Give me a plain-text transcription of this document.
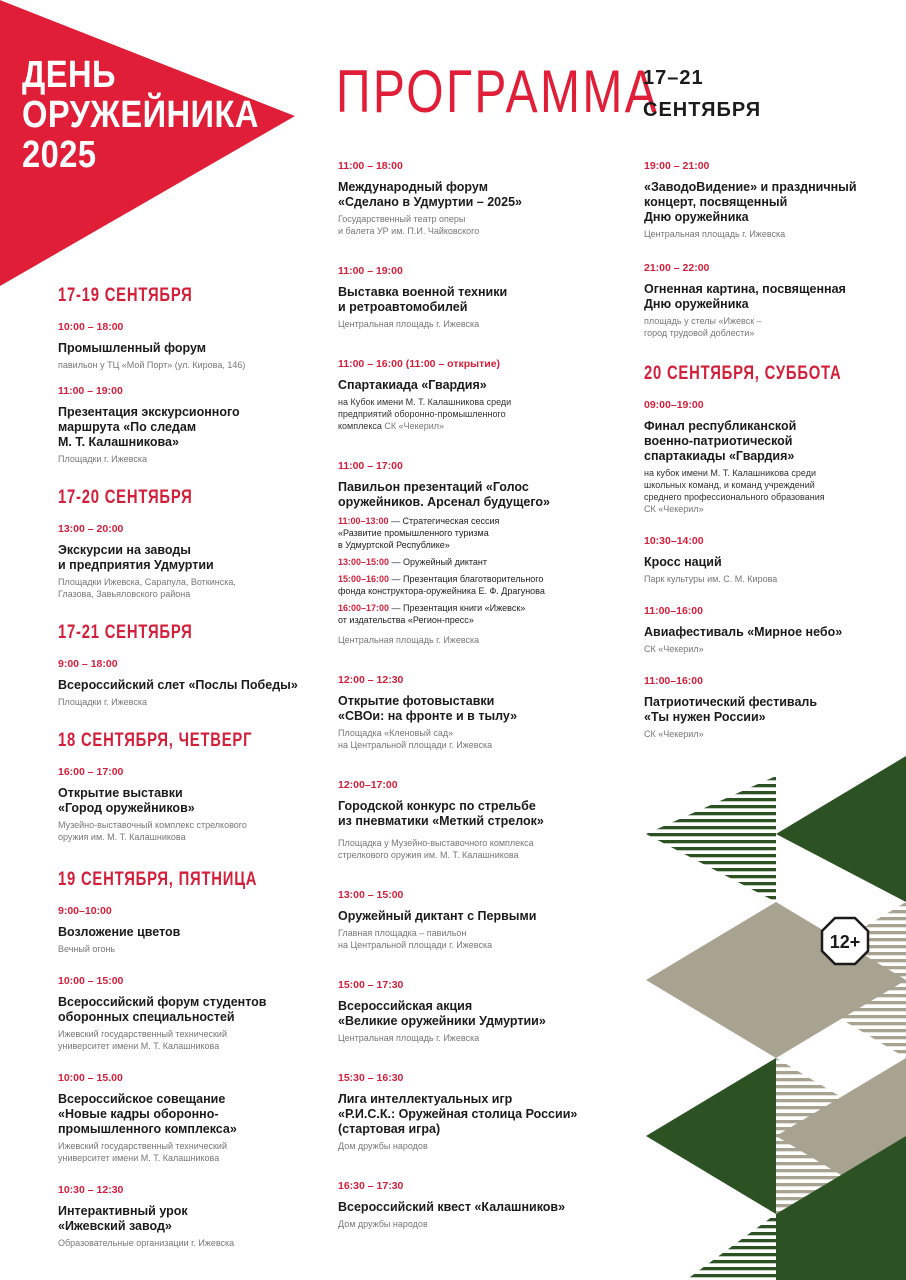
ДЕНЬ
ОРУЖЕЙНИКА
2025
ПРОГРАММА
17–21
СЕНТЯБРЯ
17-19 СЕНТЯБРЯ
10:00 – 18:00
Промышленный форум
павильон у ТЦ «Мой Порт» (ул. Кирова, 146)
11:00 – 19:00
Презентация экскурсионного
маршрута «По следам
М. Т. Калашникова»
Площадки г. Ижевска
17-20 СЕНТЯБРЯ
13:00 – 20:00
Экскурсии на заводы
и предприятия Удмуртии
Площадки Ижевска, Сарапула, Воткинска,
Глазова, Завьяловского района
17-21 СЕНТЯБРЯ
9:00 – 18:00
Всероссийский слет «Послы Победы»
Площадки г. Ижевска
18 СЕНТЯБРЯ, ЧЕТВЕРГ
16:00 – 17:00
Открытие выставки
«Город оружейников»
Музейно-выставочный комплекс стрелкового
оружия им. М. Т. Калашникова
19 СЕНТЯБРЯ, ПЯТНИЦА
9:00–10:00
Возложение цветов
Вечный огонь
10:00 – 15:00
Всероссийский форум студентов
оборонных специальностей
Ижевский государственный технический
университет имени М. Т. Калашникова
10:00 – 15.00
Всероссийское совещание
«Новые кадры оборонно-
промышленного комплекса»
Ижевский государственный технический
университет имени М. Т. Калашникова
10:30 – 12:30
Интерактивный урок
«Ижевский завод»
Образовательные организации г. Ижевска
11:00 – 18:00
Международный форум
«Сделано в Удмуртии – 2025»
Государственный театр оперы
и балета УР им. П.И. Чайковского
11:00 – 19:00
Выставка военной техники
и ретроавтомобилей
Центральная площадь г. Ижевска
11:00 – 16:00 (11:00 – открытие)
Спартакиада «Гвардия»
на Кубок имени М. Т. Калашникова среди
предприятий оборонно-промышленного
комплекса СК «Чекерил»
11:00 – 17:00
Павильон презентаций «Голос
оружейников. Арсенал будущего»
11:00–13:00 — Стратегическая сессия
«Развитие промышленного туризма
в Удмуртской Республике»
13:00–15:00 — Оружейный диктант
15:00–16:00 — Презентация благотворительного
фонда конструктора-оружейника Е. Ф. Драгунова
16:00–17:00 — Презентация книги «Ижевск»
от издательства «Регион-пресс»
Центральная площадь г. Ижевска
12:00 – 12:30
Открытие фотовыставки
«СВОи: на фронте и в тылу»
Площадка «Кленовый сад»
на Центральной площади г. Ижевска
12:00–17:00
Городской конкурс по стрельбе
из пневматики «Меткий стрелок»
Площадка у Музейно-выставочного комплекса
стрелкового оружия им. М. Т. Калашникова
13:00 – 15:00
Оружейный диктант с Первыми
Главная площадка – павильон
на Центральной площади г. Ижевска
15:00 – 17:30
Всероссийская акция
«Великие оружейники Удмуртии»
Центральная площадь г. Ижевска
15:30 – 16:30
Лига интеллектуальных игр
«Р.И.С.К.: Оружейная столица России»
(стартовая игра)
Дом дружбы народов
16:30 – 17:30
Всероссийский квест «Калашников»
Дом дружбы народов
19:00 – 21:00
«ЗаводоВидение» и праздничный
концерт, посвященный
Дню оружейника
Центральная площадь г. Ижевска
21:00 – 22:00
Огненная картина, посвященная
Дню оружейника
площадь у стелы «Ижевск –
город трудовой доблести»
20 СЕНТЯБРЯ, СУББОТА
09:00–19:00
Финал республиканской
военно-патриотической
спартакиады «Гвардия»
на кубок имени М. Т. Калашникова среди
школьных команд, и команд учреждений
среднего профессионального образования
СК «Чекерил»
10:30–14:00
Кросс наций
Парк культуры им. С. М. Кирова
11:00–16:00
Авиафестиваль «Мирное небо»
СК «Чекерил»
11:00–16:00
Патриотический фестиваль
«Ты нужен России»
СК «Чекерил»
12+
